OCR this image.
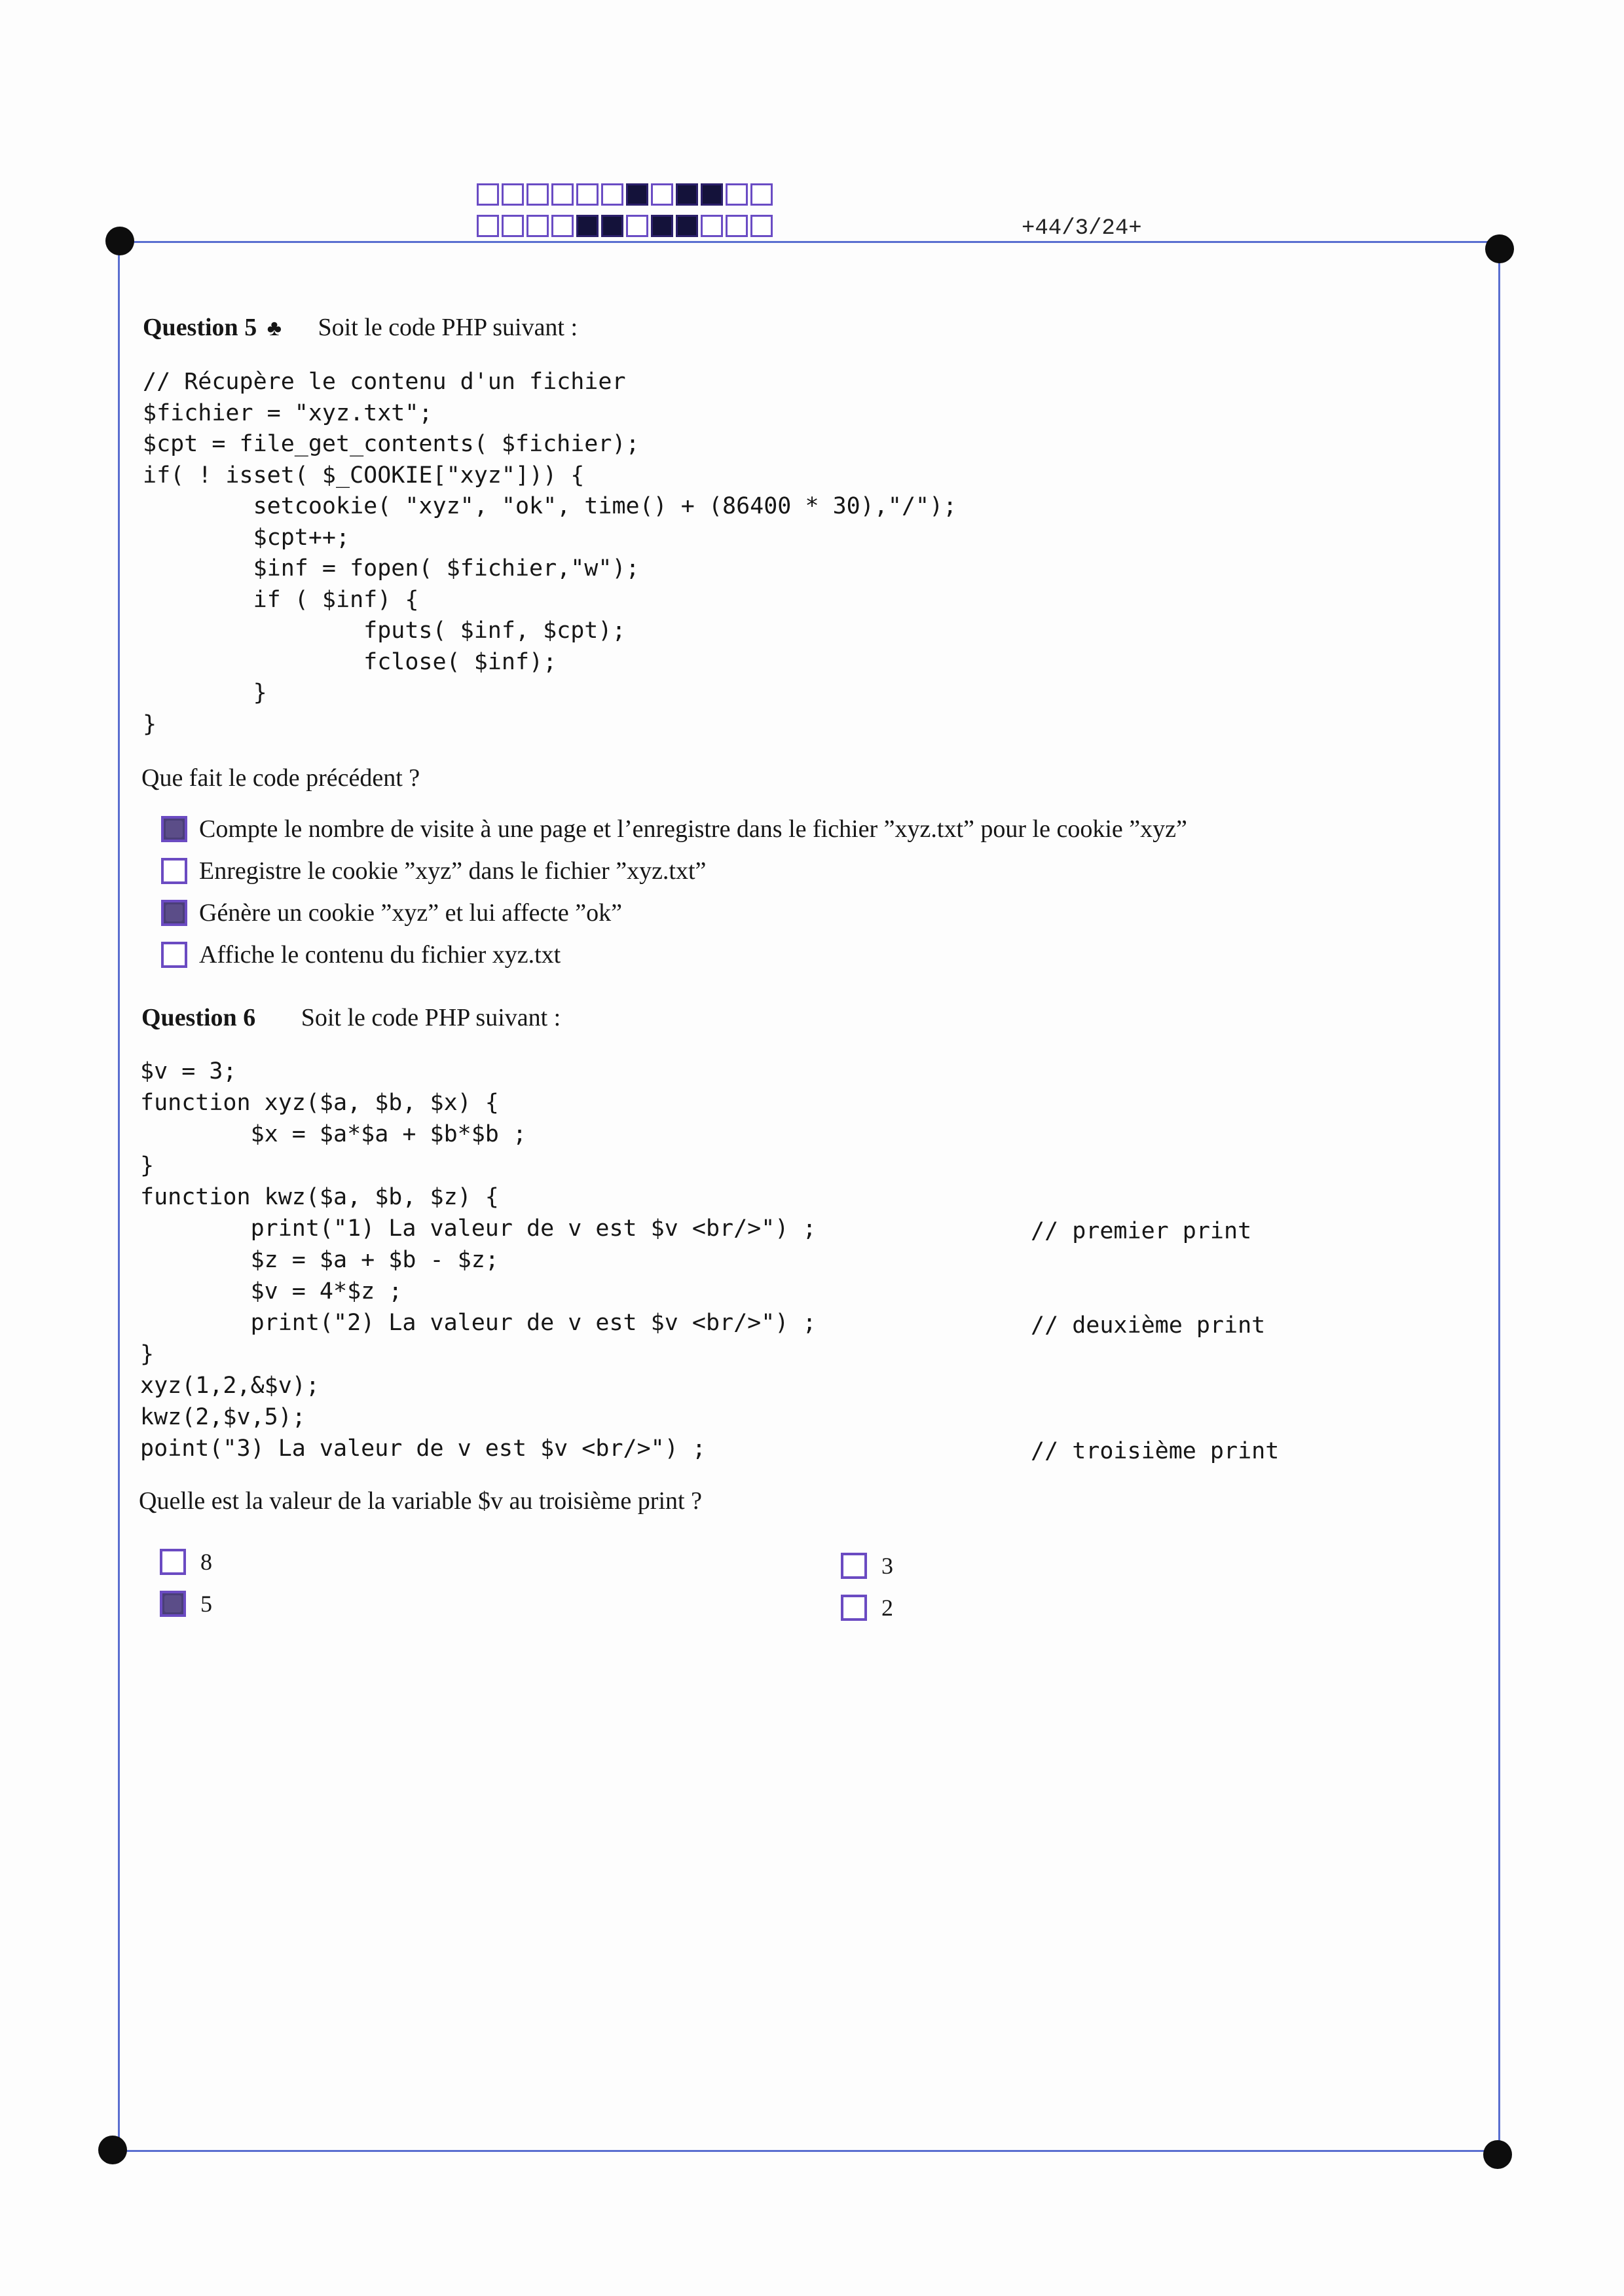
+44/3/24+
Question 5 ♣ Soit le code PHP suivant :
// Récupère le contenu d'un fichier
$fichier = "xyz.txt";
$cpt = file_get_contents( $fichier);
if( ! isset( $_COOKIE["xyz"])) {
setcookie( "xyz", "ok", time() + (86400 * 30),"/");
$cpt++;
$inf = fopen( $fichier,"w");
if ( $inf) {
fputs( $inf, $cpt);
fclose( $inf);
}
}
Que fait le code précédent ?
Compte le nombre de visite à une page et l’enregistre dans le fichier ”xyz.txt” pour le cookie ”xyz”
Enregistre le cookie ”xyz” dans le fichier ”xyz.txt”
Génère un cookie ”xyz” et lui affecte ”ok”
Affiche le contenu du fichier xyz.txt
Question 6 Soit le code PHP suivant :
$v = 3;
function xyz($a, $b, $x) {
$x = $a*$a + $b*$b ;
}
function kwz($a, $b, $z) {
print("1) La valeur de v est $v <br/>") ;
$z = $a + $b - $z;
$v = 4*$z ;
print("2) La valeur de v est $v <br/>") ;
}
xyz(1,2,&$v);
kwz(2,$v,5);
point("3) La valeur de v est $v <br/>") ;
// premier print
// deuxième print
// troisième print
Quelle est la valeur de la variable $v au troisième print ?
8
5
3
2
